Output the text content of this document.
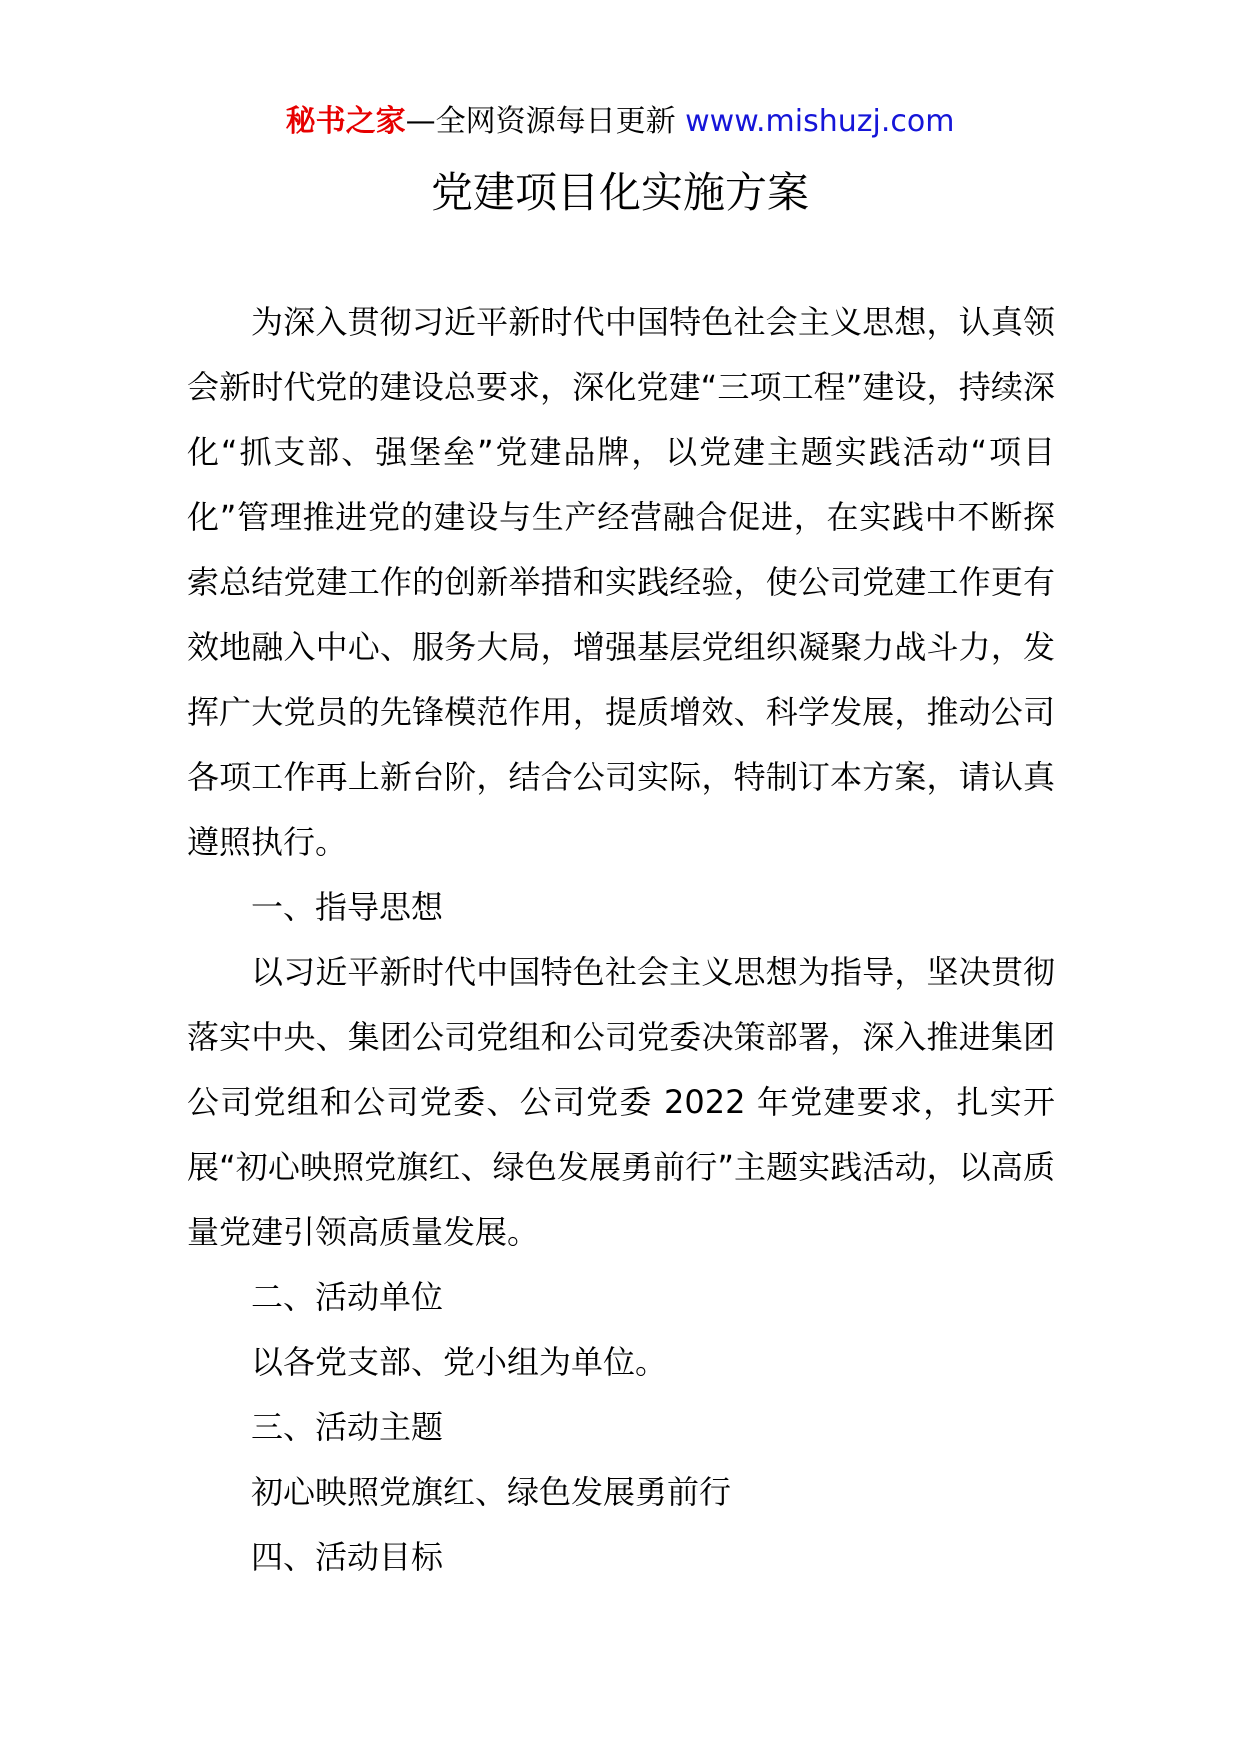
秘书之家—全网资源每日更新 www.mishuzj.com
党建项目化实施方案

为深入贯彻习近平新时代中国特色社会主义思想，认真领会新时代党的建设总要求，深化党建“三项工程”建设，持续深化“抓支部、强堡垒”党建品牌，以党建主题实践活动“项目化”管理推进党的建设与生产经营融合促进，在实践中不断探索总结党建工作的创新举措和实践经验，使公司党建工作更有效地融入中心、服务大局，增强基层党组织凝聚力战斗力，发挥广大党员的先锋模范作用，提质增效、科学发展，推动公司各项工作再上新台阶，结合公司实际，特制订本方案，请认真遵照执行。

一、指导思想

以习近平新时代中国特色社会主义思想为指导，坚决贯彻落实中央、集团公司党组和公司党委决策部署，深入推进集团公司党组和公司党委、公司党委 2022 年党建要求，扎实开展“初心映照党旗红、绿色发展勇前行”主题实践活动，以高质量党建引领高质量发展。

二、活动单位

以各党支部、党小组为单位。

三、活动主题

初心映照党旗红、绿色发展勇前行

四、活动目标
